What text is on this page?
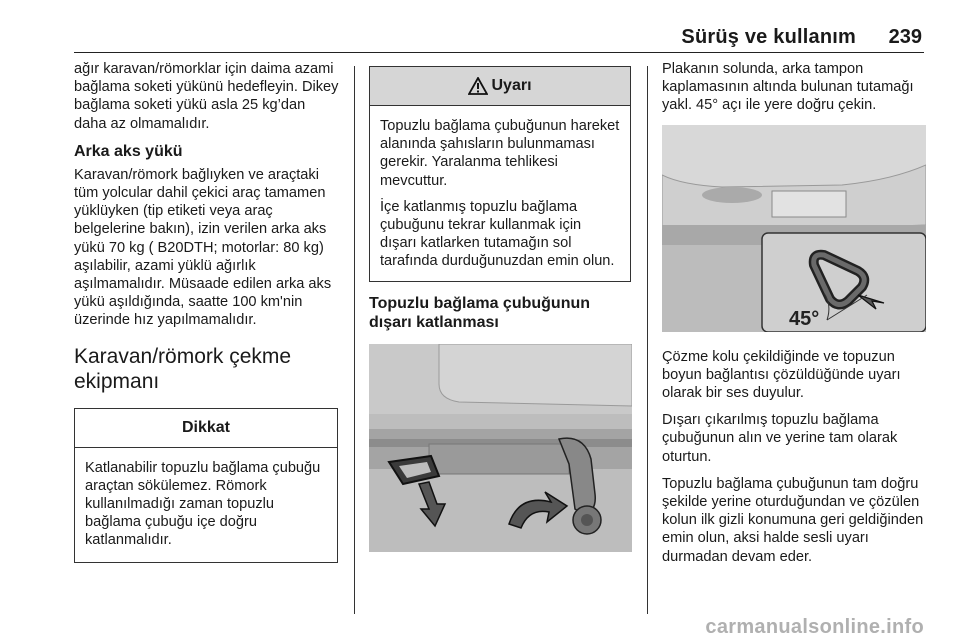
Sürüş ve kullanım 239

ağır karavan/römorklar için daima azami bağlama soketi yükünü hedefleyin. Dikey bağlama soketi yükü asla 25 kg’dan daha az olmamalıdır.

Arka aks yükü

Karavan/römork bağlıyken ve araçtaki tüm yolcular dahil çekici araç tamamen yüklüyken (tip etiketi veya araç belgelerine bakın), izin verilen arka aks yükü 70 kg ( B20DTH; motorlar: 80 kg) aşılabilir, azami yüklü ağırlık aşılmamalıdır. Müsaade edilen arka aks yükü aşıldığında, saatte 100 km'nin üzerinde hız yapılmamalıdır.

Karavan/römork çekme ekipmanı
Dikkat

Katlanabilir topuzlu bağlama çubuğu araçtan sökülemez. Römork kullanılmadığı zaman topuzlu bağlama çubuğu içe doğru katlanmalıdır.

Uyarı

Topuzlu bağlama çubuğunun hareket alanında şahısların bulunmaması gerekir. Yaralanma tehlikesi mevcuttur.

İçe katlanmış topuzlu bağlama çubuğunu tekrar kullanmak için dışarı katlarken tutamağın sol tarafında durduğunuzdan emin olun.

Topuzlu bağlama çubuğunun dışarı katlanması

Plakanın solunda, arka tampon kaplamasının altında bulunan tutamağı yakl. 45° açı ile yere doğru çekin.

45°

Çözme kolu çekildiğinde ve topuzun boyun bağlantısı çözüldüğünde uyarı olarak bir ses duyulur.

Dışarı çıkarılmış topuzlu bağlama çubuğunun alın ve yerine tam olarak oturtun.

Topuzlu bağlama çubuğunun tam doğru şekilde yerine oturduğundan ve çözülen kolun ilk gizli konumuna geri geldiğinden emin olun, aksi halde sesli uyarı durmadan devam eder.

carmanualsonline.info
